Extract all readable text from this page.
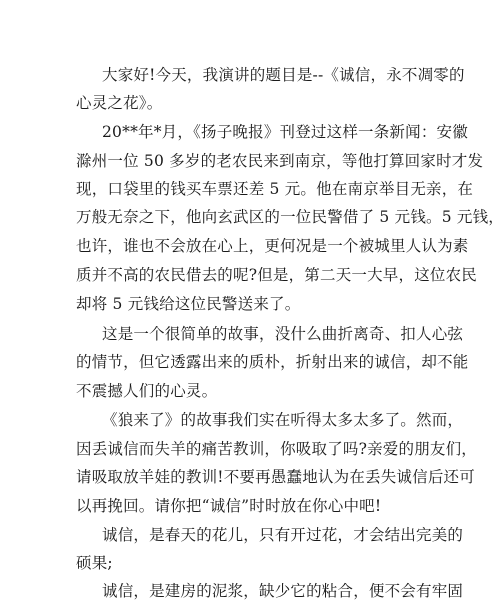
大家好!今天，我演讲的题目是--《诚信，永不凋零的
心灵之花》。
20**年*月，《扬子晚报》刊登过这样一条新闻：安徽
滁州一位 50 多岁的老农民来到南京，等他打算回家时才发
现，口袋里的钱买车票还差 5 元。他在南京举目无亲，在
万般无奈之下，他向玄武区的一位民警借了 5 元钱。5 元钱，
也许，谁也不会放在心上，更何况是一个被城里人认为素
质并不高的农民借去的呢?但是，第二天一大早，这位农民
却将 5 元钱给这位民警送来了。
这是一个很简单的故事，没什么曲折离奇、扣人心弦
的情节，但它透露出来的质朴，折射出来的诚信，却不能
不震撼人们的心灵。
《狼来了》的故事我们实在听得太多太多了。然而，
因丢诚信而失羊的痛苦教训，你吸取了吗?亲爱的朋友们，
请吸取放羊娃的教训!不要再愚蠢地认为在丢失诚信后还可
以再挽回。请你把“诚信”时时放在你心中吧!
诚信，是春天的花儿，只有开过花，才会结出完美的
硕果;
诚信，是建房的泥浆，缺少它的粘合，便不会有牢固
